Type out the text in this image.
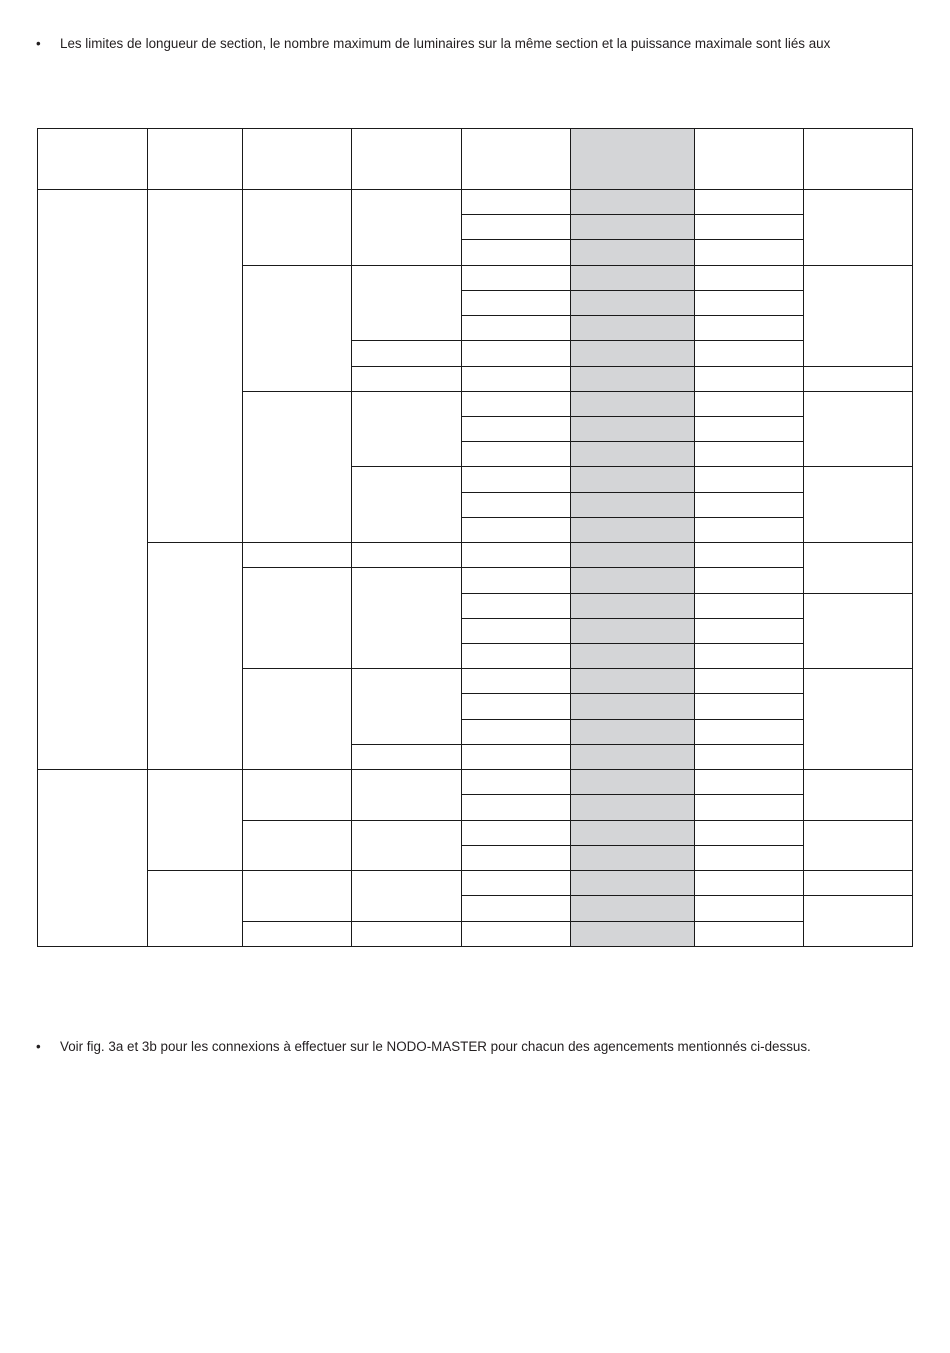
•	Les limites de longueur de section, le nombre maximum de luminaires sur la même section et la puissance maximale sont liés aux
•	Voir fig. 3a et 3b pour les connexions à effectuer sur le NODO-MASTER pour chacun des agencements mentionnés ci-dessus.
